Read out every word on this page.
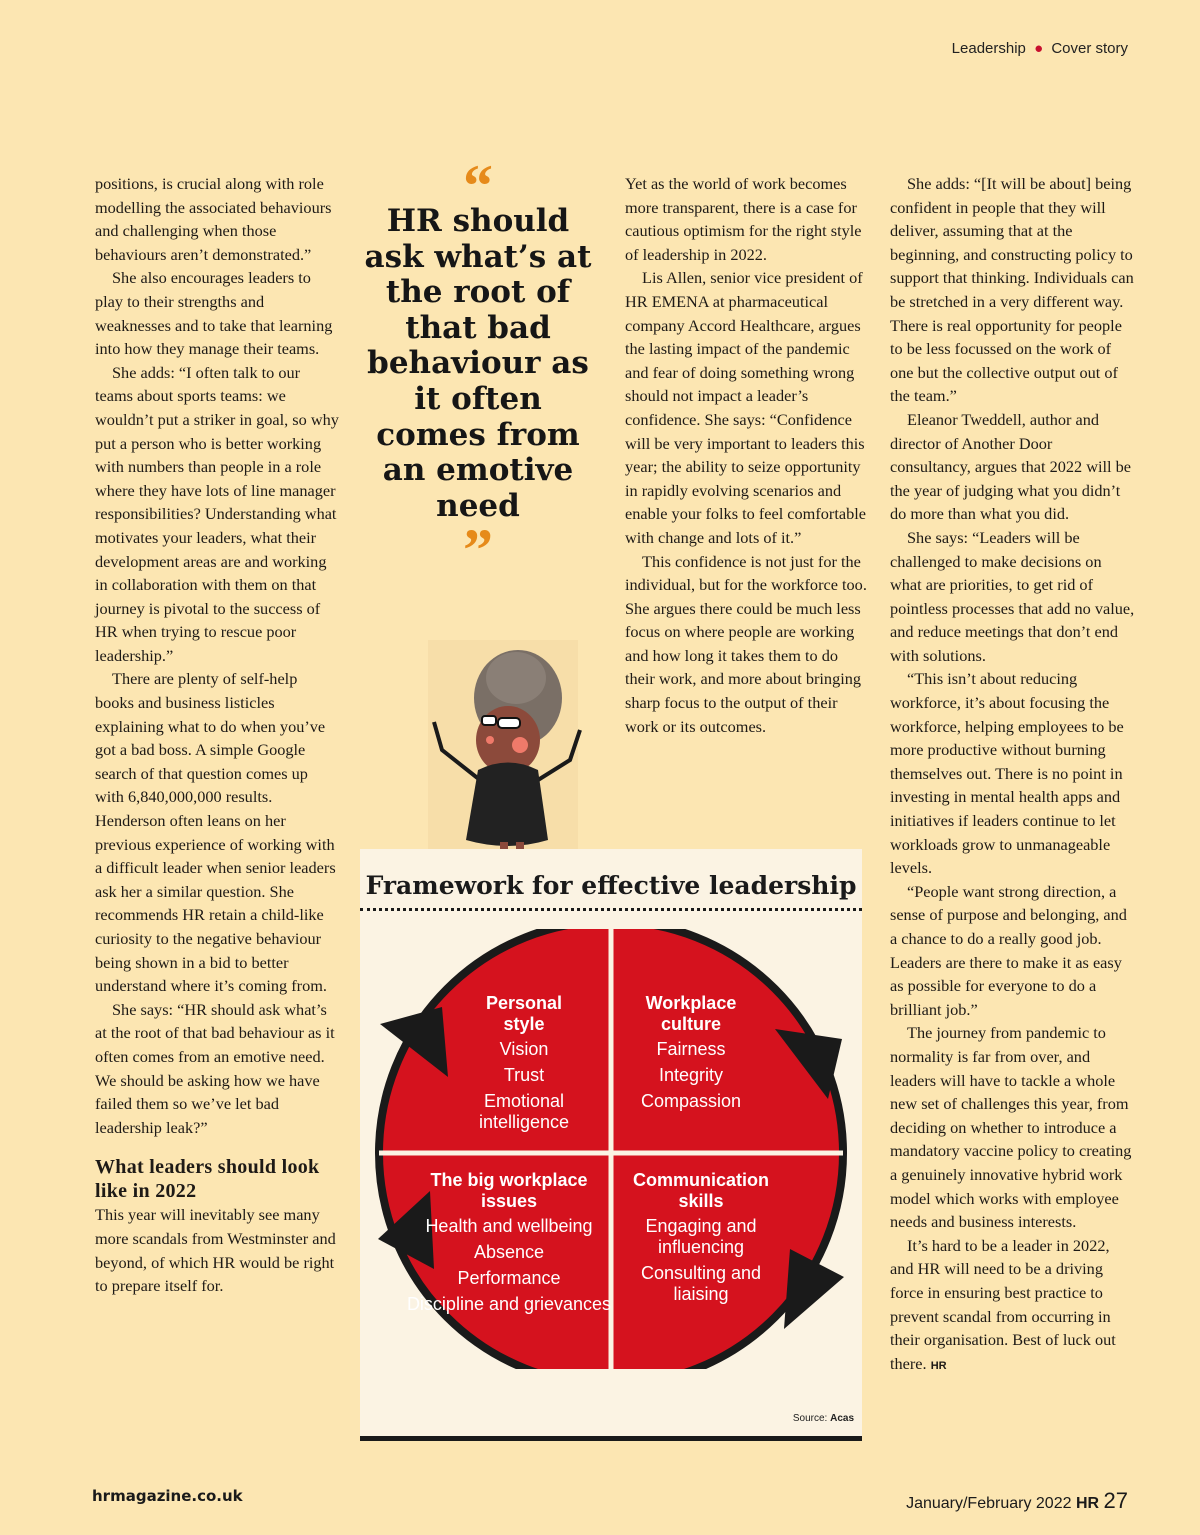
Leadership ● Cover story

positions, is crucial along with role modelling the associated behaviours and challenging when those behaviours aren’t demonstrated.”

She also encourages leaders to play to their strengths and weaknesses and to take that learning into how they manage their teams.

She adds: “I often talk to our teams about sports teams: we wouldn’t put a striker in goal, so why put a person who is better working with numbers than people in a role where they have lots of line manager responsibilities? Understanding what motivates your leaders, what their development areas are and working in collaboration with them on that journey is pivotal to the success of HR when trying to rescue poor leadership.”

There are plenty of self-help books and business listicles explaining what to do when you’ve got a bad boss. A simple Google search of that question comes up with 6,840,000,000 results. Henderson often leans on her previous experience of working with a difficult leader when senior leaders ask her a similar question. She recommends HR retain a child-like curiosity to the negative behaviour being shown in a bid to better understand where it’s coming from.

She says: “HR should ask what’s at the root of that bad behaviour as it often comes from an emotive need. We should be asking how we have failed them so we’ve let bad leadership leak?”

What leaders should look like in 2022

This year will inevitably see many more scandals from Westminster and beyond, of which HR would be right to prepare itself for.

“
HR should ask what’s at the root of that bad behaviour as it often comes from an emotive need
”

Yet as the world of work becomes more transparent, there is a case for cautious optimism for the right style of leadership in 2022.

Lis Allen, senior vice president of HR EMENA at pharmaceutical company Accord Healthcare, argues the lasting impact of the pandemic and fear of doing something wrong should not impact a leader’s confidence. She says: “Confidence will be very important to leaders this year; the ability to seize opportunity in rapidly evolving scenarios and enable your folks to feel comfortable with change and lots of it.”

This confidence is not just for the individual, but for the workforce too. She argues there could be much less focus on where people are working and how long it takes them to do their work, and more about bringing sharp focus to the output of their work or its outcomes.

She adds: “[It will be about] being confident in people that they will deliver, assuming that at the beginning, and constructing policy to support that thinking. Individuals can be stretched in a very different way. There is real opportunity for people to be less focussed on the work of one but the collective output out of the team.”

Eleanor Tweddell, author and director of Another Door consultancy, argues that 2022 will be the year of judging what you didn’t do more than what you did.

She says: “Leaders will be challenged to make decisions on what are priorities, to get rid of pointless processes that add no value, and reduce meetings that don’t end with solutions.

“This isn’t about reducing workforce, it’s about focusing the workforce, helping employees to be more productive without burning themselves out. There is no point in investing in mental health apps and initiatives if leaders continue to let workloads grow to unmanageable levels.

“People want strong direction, a sense of purpose and belonging, and a chance to do a really good job. Leaders are there to make it as easy as possible for everyone to do a brilliant job.”

The journey from pandemic to normality is far from over, and leaders will have to tackle a whole new set of challenges this year, from deciding on whether to introduce a mandatory vaccine policy to creating a genuinely innovative hybrid work model which works with employee needs and business interests.

It’s hard to be a leader in 2022, and HR will need to be a driving force in ensuring best practice to prevent scandal from occurring in their organisation. Best of luck out there. HR

Framework for effective leadership
Personal style
Vision
Trust
Emotional intelligence
Workplace culture
Fairness
Integrity
Compassion
The big workplace issues
Health and wellbeing
Absence
Performance
Discipline and grievances
Communication skills
Engaging and influencing
Consulting and liaising
Source: Acas
hrmagazine.co.uk	January/February 2022 HR 27
